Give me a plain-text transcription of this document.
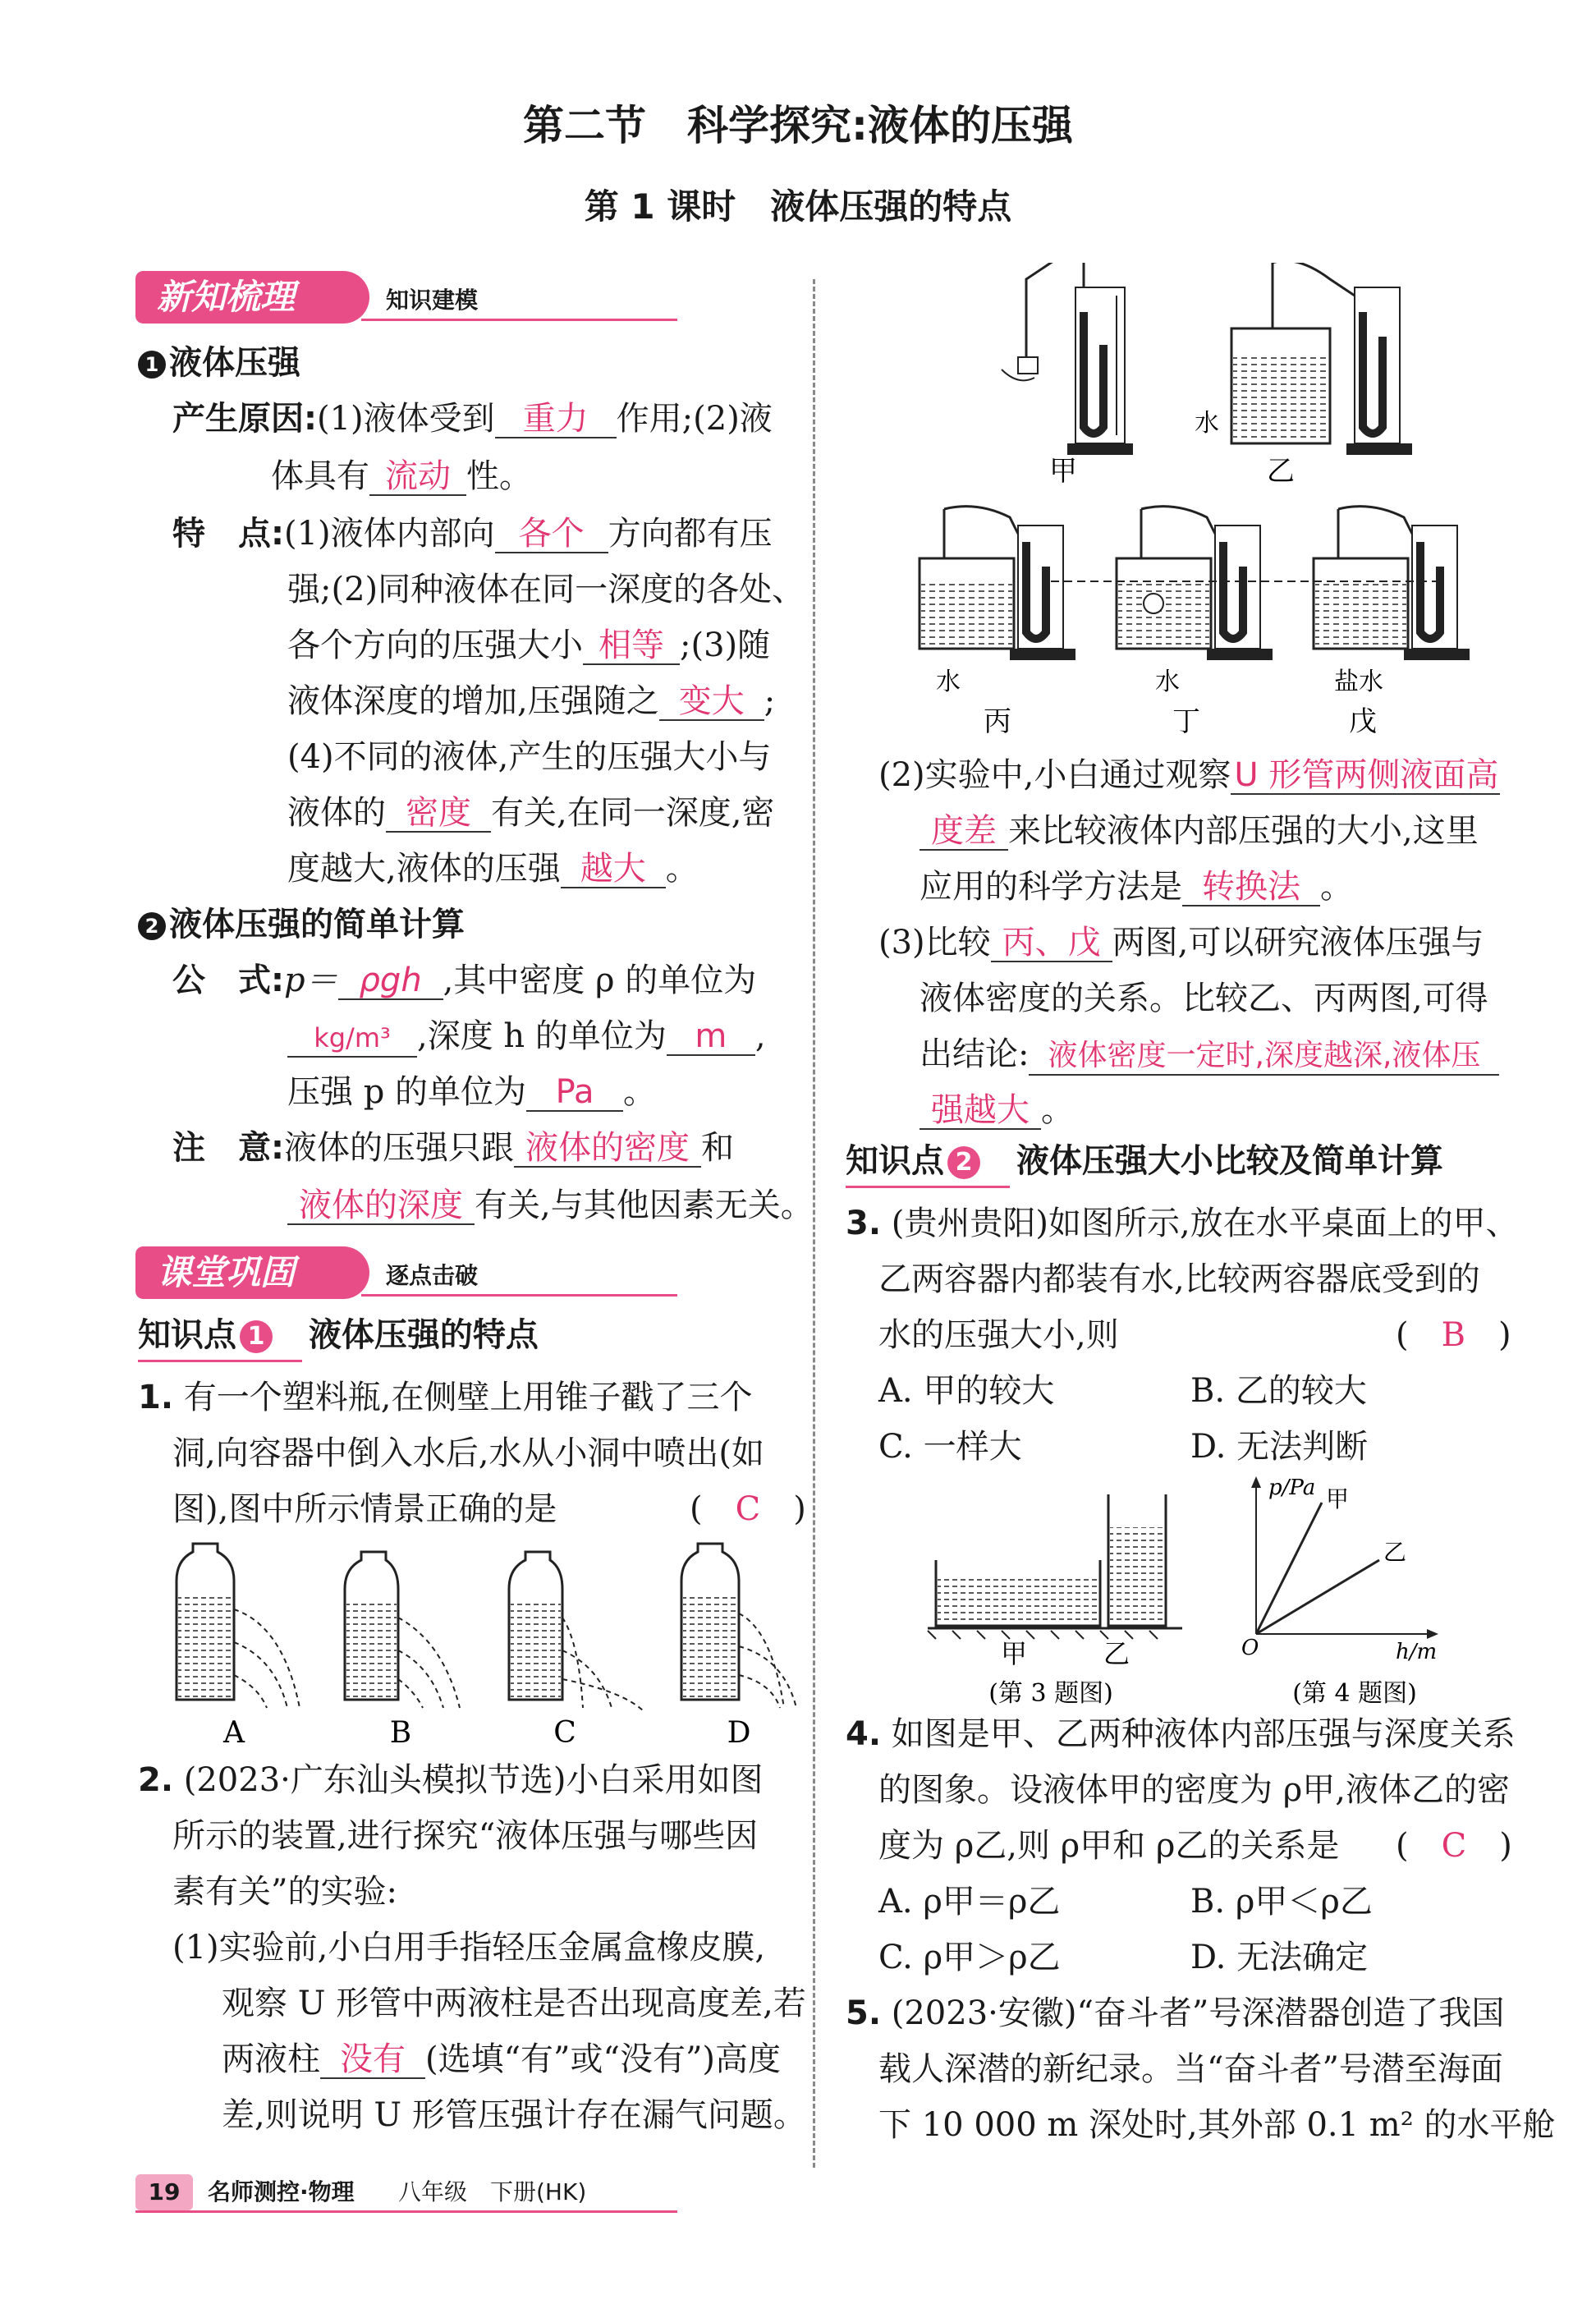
第二节　科学探究:液体的压强
第 1 课时　液体压强的特点
新知梳理	知识建模
1 液体压强
产生原因:(1)液体受到 重力 作用;(2)液
体具有 流动 性。
特　点:(1)液体内部向 各个 方向都有压
强;(2)同种液体在同一深度的各处、
各个方向的压强大小 相等 ;(3)随
液体深度的增加,压强随之 变大 ;
(4)不同的液体,产生的压强大小与
液体的 密度 有关,在同一深度,密
度越大,液体的压强 越大 。
2 液体压强的简单计算
公　式:p＝ ρgh ,其中密度 ρ 的单位为
kg/m³ ,深度 h 的单位为 m ,
压强 p 的单位为 Pa 。
注　意:液体的压强只跟 液体的密度 和
液体的深度 有关,与其他因素无关。
课堂巩固	逐点击破
知识点 1 液体压强的特点
1. 有一个塑料瓶,在侧壁上用锥子戳了三个
洞,向容器中倒入水后,水从小洞中喷出(如
图),图中所示情景正确的是	(　C　)
A	B	C	D
2. (2023·广东汕头模拟节选)小白采用如图
所示的装置,进行探究“液体压强与哪些因
素有关”的实验:
(1)实验前,小白用手指轻压金属盒橡皮膜,
观察 U 形管中两液柱是否出现高度差,若
两液柱 没有 (选填“有”或“没有”)高度
差,则说明 U 形管压强计存在漏气问题。
甲	乙
水
水	水	盐水
丙	丁	戊
(2)实验中,小白通过观察 U 形管两侧液面高
度差 来比较液体内部压强的大小,这里
应用的科学方法是 转换法 。
(3)比较 丙、戊 两图,可以研究液体压强与
液体密度的关系。比较乙、丙两图,可得
出结论: 液体密度一定时,深度越深,液体压
强越大 。
知识点 2 液体压强大小比较及简单计算
3. (贵州贵阳)如图所示,放在水平桌面上的甲、
乙两容器内都装有水,比较两容器底受到的
水的压强大小,则	(　B　)
A. 甲的较大	B. 乙的较大
C. 一样大	D. 无法判断
甲	乙
(第 3 题图)
p/Pa 甲
乙
O	h/m
(第 4 题图)
4. 如图是甲、乙两种液体内部压强与深度关系
的图象。设液体甲的密度为 ρ甲,液体乙的密
度为 ρ乙,则 ρ甲和 ρ乙的关系是 (　C　)
A. ρ甲＝ρ乙	B. ρ甲＜ρ乙
C. ρ甲＞ρ乙	D. 无法确定
5. (2023·安徽)“奋斗者”号深潜器创造了我国
载人深潜的新纪录。当“奋斗者”号潜至海面
下 10 000 m 深处时,其外部 0.1 m² 的水平舱
19	名师测控·物理 八年级　下册(HK)
